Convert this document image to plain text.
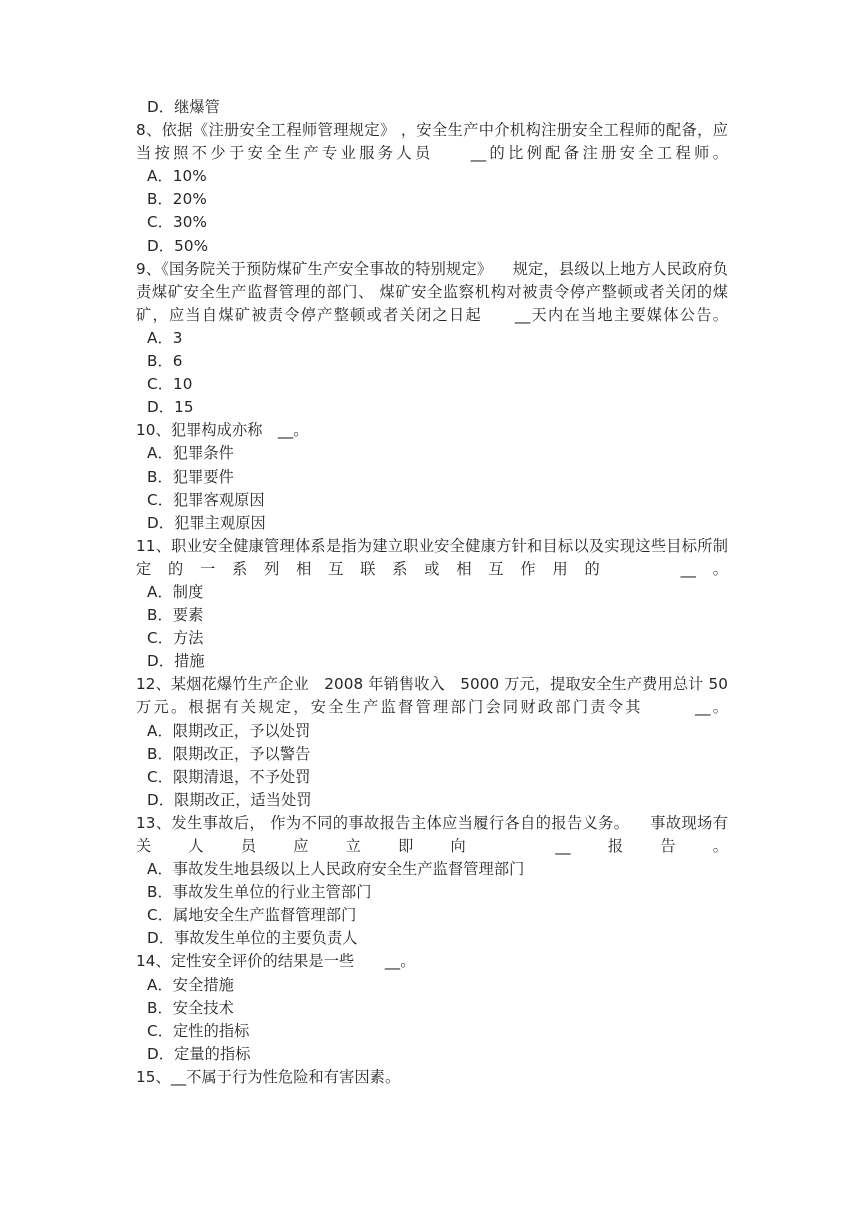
D．继爆管
8、依据《注册安全工程师管理规定》 ，安全生产中介机构注册安全工程师的配备，应当按照不少于安全生产专业服务人员　　__的比例配备注册安全工程师。
A．10%
B．20%
C．30%
D．50%
9、《国务院关于预防煤矿生产安全事故的特别规定》 　规定，县级以上地方人民政府负责煤矿安全生产监督管理的部门、 煤矿安全监察机构对被责令停产整顿或者关闭的煤矿，应当自煤矿被责令停产整顿或者关闭之日起　　__天内在当地主要媒体公告。
A．3
B．6
C．10
D．15
10、犯罪构成亦称　__。
A．犯罪条件
B．犯罪要件
C．犯罪客观原因
D．犯罪主观原因
11、职业安全健康管理体系是指为建立职业安全健康方针和目标以及实现这些目标所制定的一系列相互联系或相互作用的　　__。
A．制度
B．要素
C．方法
D．措施
12、某烟花爆竹生产企业　2008 年销售收入　5000 万元，提取安全生产费用总计 50 万元。根据有关规定，安全生产监督管理部门会同财政部门责令其　　　__。
A．限期改正，予以处罚
B．限期改正，予以警告
C．限期清退，不予处罚
D．限期改正，适当处罚
13、发生事故后， 作为不同的事故报告主体应当履行各自的报告义务。 　事故现场有关人员应立即向　__报告。
A．事故发生地县级以上人民政府安全生产监督管理部门
B．事故发生单位的行业主管部门
C．属地安全生产监督管理部门
D．事故发生单位的主要负责人
14、定性安全评价的结果是一些　　__。
A．安全措施
B．安全技术
C．定性的指标
D．定量的指标
15、__不属于行为性危险和有害因素。
